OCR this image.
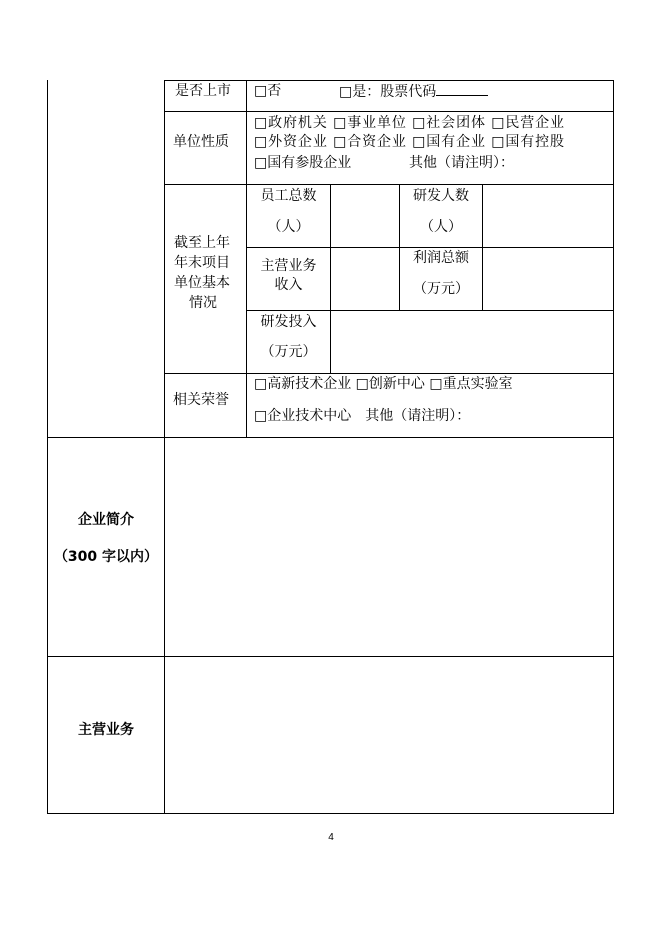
是否上市 □否	□是：股票代码
单位性质
□政府机关 □事业单位 □社会团体 □民营企业
□外资企业 □合资企业 □国有企业 □国有控股
□国有参股企业	其他（请注明）：
截至上年
年末项目
单位基本
情况
员工总数
（人）
研发人数
（人）
主营业务
收入
利润总额
（万元）
研发投入
（万元）
相关荣誉
□高新技术企业 □创新中心 □重点实验室
□企业技术中心　其他（请注明）：
企业简介
（300 字以内）
主营业务
4
